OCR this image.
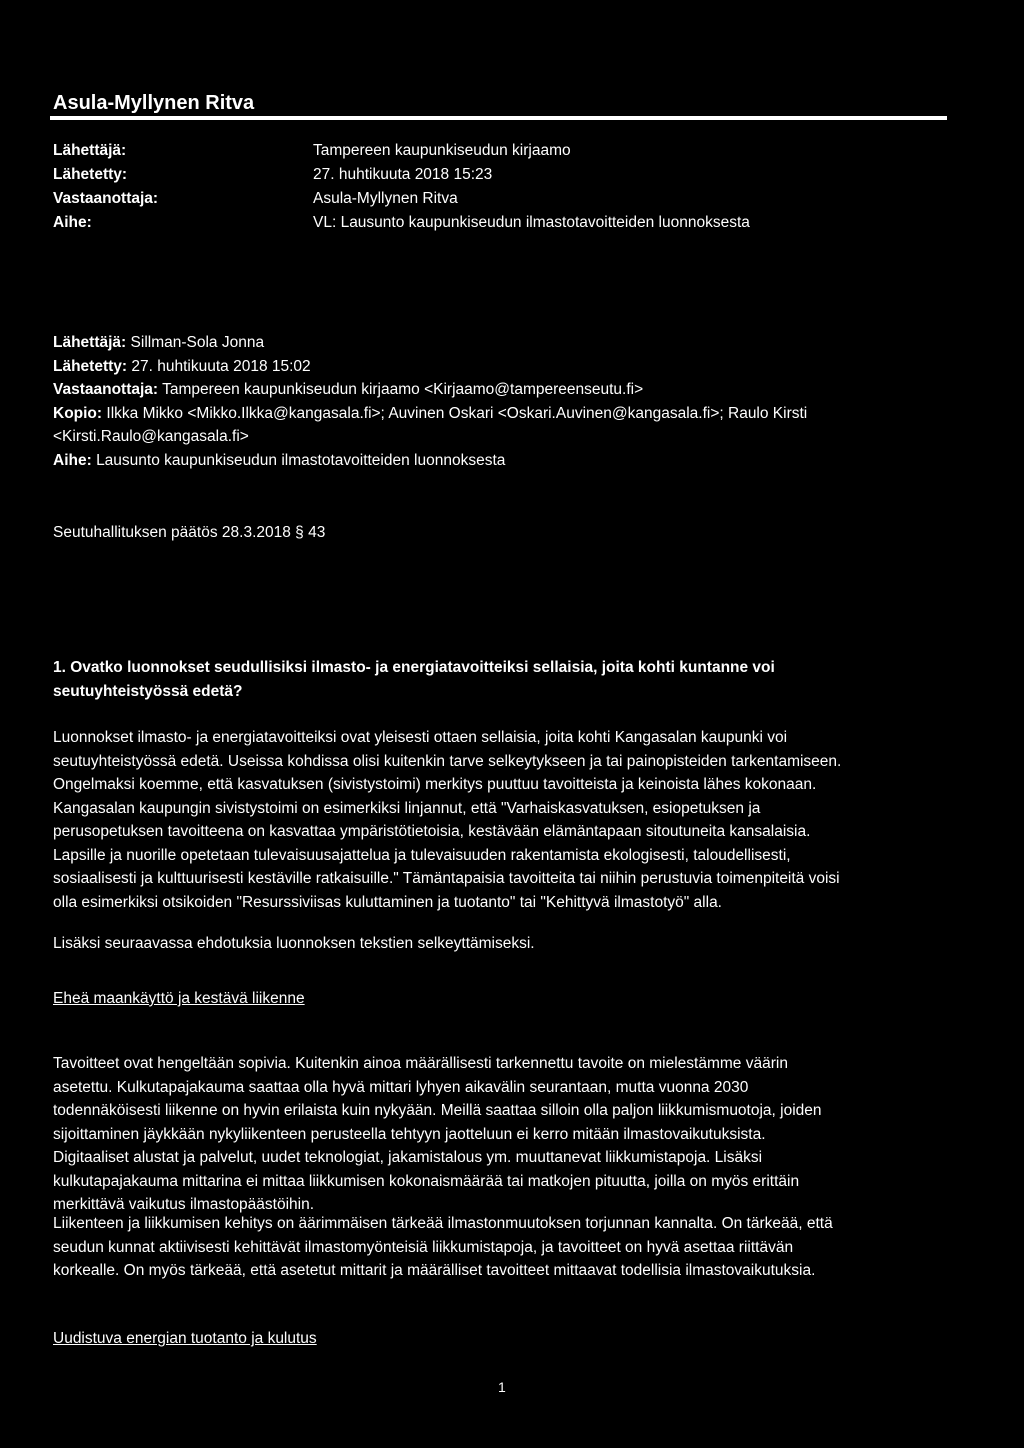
Asula-Myllynen Ritva
Lähettäjä:	Tampereen kaupunkiseudun kirjaamo
Lähetetty:	27. huhtikuuta 2018 15:23
Vastaanottaja:	Asula-Myllynen Ritva
Aihe:	VL: Lausunto kaupunkiseudun ilmastotavoitteiden luonnoksesta
Lähettäjä: Sillman-Sola Jonna
Lähetetty: 27. huhtikuuta 2018 15:02
Vastaanottaja: Tampereen kaupunkiseudun kirjaamo <Kirjaamo@tampereenseutu.fi>
Kopio: Ilkka Mikko <Mikko.Ilkka@kangasala.fi>; Auvinen Oskari <Oskari.Auvinen@kangasala.fi>; Raulo Kirsti
<Kirsti.Raulo@kangasala.fi>
Aihe: Lausunto kaupunkiseudun ilmastotavoitteiden luonnoksesta
Seutuhallituksen päätös 28.3.2018 § 43
1. Ovatko luonnokset seudullisiksi ilmasto- ja energiatavoitteiksi sellaisia, joita kohti kuntanne voi
seutuyhteistyössä edetä?
Luonnokset ilmasto- ja energiatavoitteiksi ovat yleisesti ottaen sellaisia, joita kohti Kangasalan kaupunki voi
seutuyhteistyössä edetä. Useissa kohdissa olisi kuitenkin tarve selkeytykseen ja tai painopisteiden tarkentamiseen.
Ongelmaksi koemme, että kasvatuksen (sivistystoimi) merkitys puuttuu tavoitteista ja keinoista lähes kokonaan.
Kangasalan kaupungin sivistystoimi on esimerkiksi linjannut, että "Varhaiskasvatuksen, esiopetuksen ja
perusopetuksen tavoitteena on kasvattaa ympäristötietoisia, kestävään elämäntapaan sitoutuneita kansalaisia.
Lapsille ja nuorille opetetaan tulevaisuusajattelua ja tulevaisuuden rakentamista ekologisesti, taloudellisesti,
sosiaalisesti ja kulttuurisesti kestäville ratkaisuille." Tämäntapaisia tavoitteita tai niihin perustuvia toimenpiteitä voisi
olla esimerkiksi otsikoiden "Resurssiviisas kuluttaminen ja tuotanto" tai "Kehittyvä ilmastotyö" alla.
Lisäksi seuraavassa ehdotuksia luonnoksen tekstien selkeyttämiseksi.
Eheä maankäyttö ja kestävä liikenne
Tavoitteet ovat hengeltään sopivia. Kuitenkin ainoa määrällisesti tarkennettu tavoite on mielestämme väärin
asetettu. Kulkutapajakauma saattaa olla hyvä mittari lyhyen aikavälin seurantaan, mutta vuonna 2030
todennäköisesti liikenne on hyvin erilaista kuin nykyään. Meillä saattaa silloin olla paljon liikkumismuotoja, joiden
sijoittaminen jäykkään nykyliikenteen perusteella tehtyyn jaotteluun ei kerro mitään ilmastovaikutuksista.
Digitaaliset alustat ja palvelut, uudet teknologiat, jakamistalous ym. muuttanevat liikkumistapoja. Lisäksi
kulkutapajakauma mittarina ei mittaa liikkumisen kokonaismäärää tai matkojen pituutta, joilla on myös erittäin
merkittävä vaikutus ilmastopäästöihin.
Liikenteen ja liikkumisen kehitys on äärimmäisen tärkeää ilmastonmuutoksen torjunnan kannalta. On tärkeää, että
seudun kunnat aktiivisesti kehittävät ilmastomyönteisiä liikkumistapoja, ja tavoitteet on hyvä asettaa riittävän
korkealle. On myös tärkeää, että asetetut mittarit ja määrälliset tavoitteet mittaavat todellisia ilmastovaikutuksia.
Uudistuva energian tuotanto ja kulutus
1
